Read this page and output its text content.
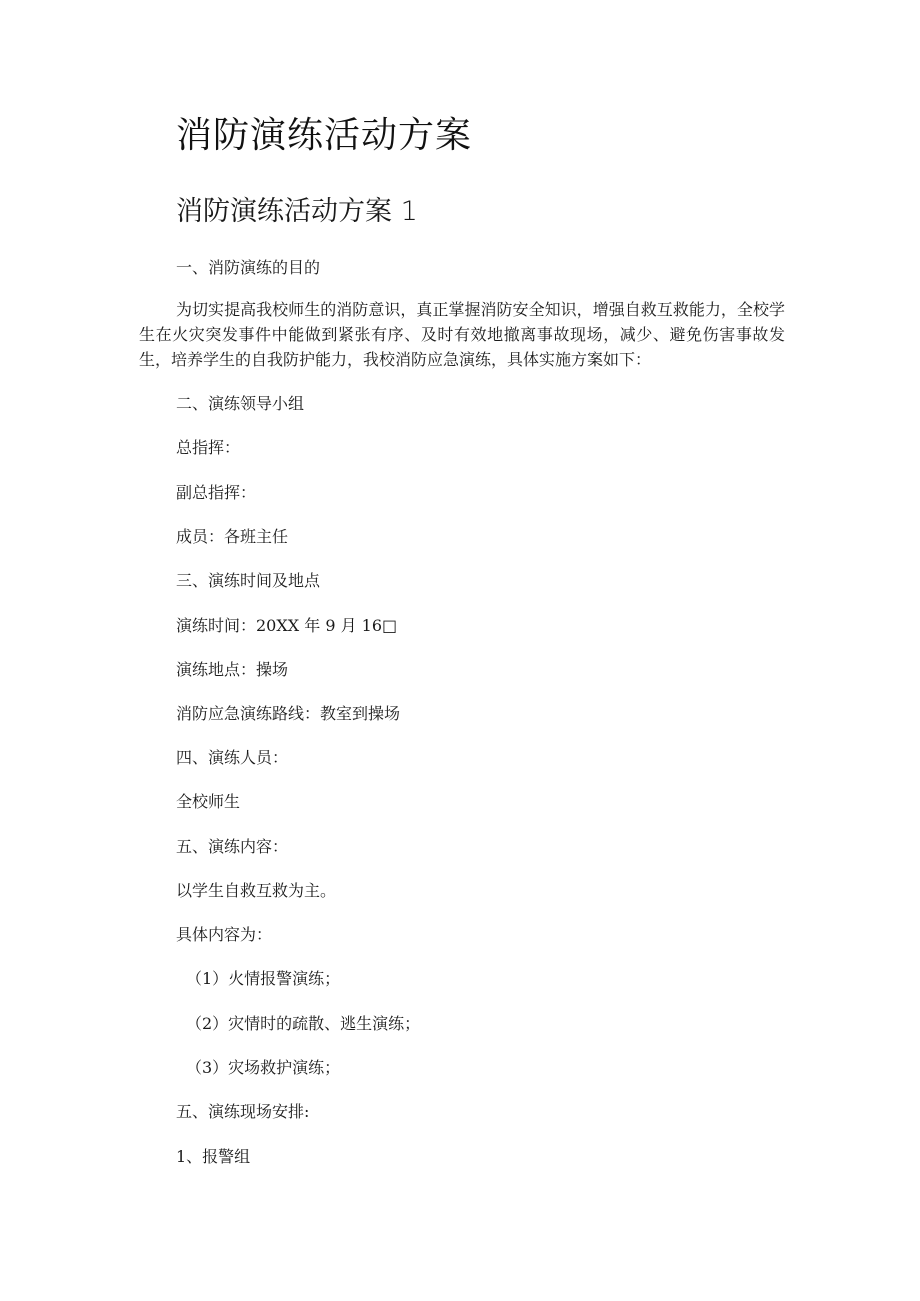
消防演练活动方案
消防演练活动方案 1
一、消防演练的目的
为切实提高我校师生的消防意识，真正掌握消防安全知识，增强自救互救能力，全校学生在火灾突发事件中能做到紧张有序、及时有效地撤离事故现场，减少、避免伤害事故发生，培养学生的自我防护能力，我校消防应急演练，具体实施方案如下：
二、演练领导小组
总指挥：
副总指挥：
成员：各班主任
三、演练时间及地点
演练时间：20XX 年 9 月 16□
演练地点：操场
消防应急演练路线：教室到操场
四、演练人员：
全校师生
五、演练内容：
以学生自救互救为主。
具体内容为：
（1）火情报警演练；
（2）灾情时的疏散、逃生演练；
（3）灾场救护演练；
五、演练现场安排:
1、报警组
